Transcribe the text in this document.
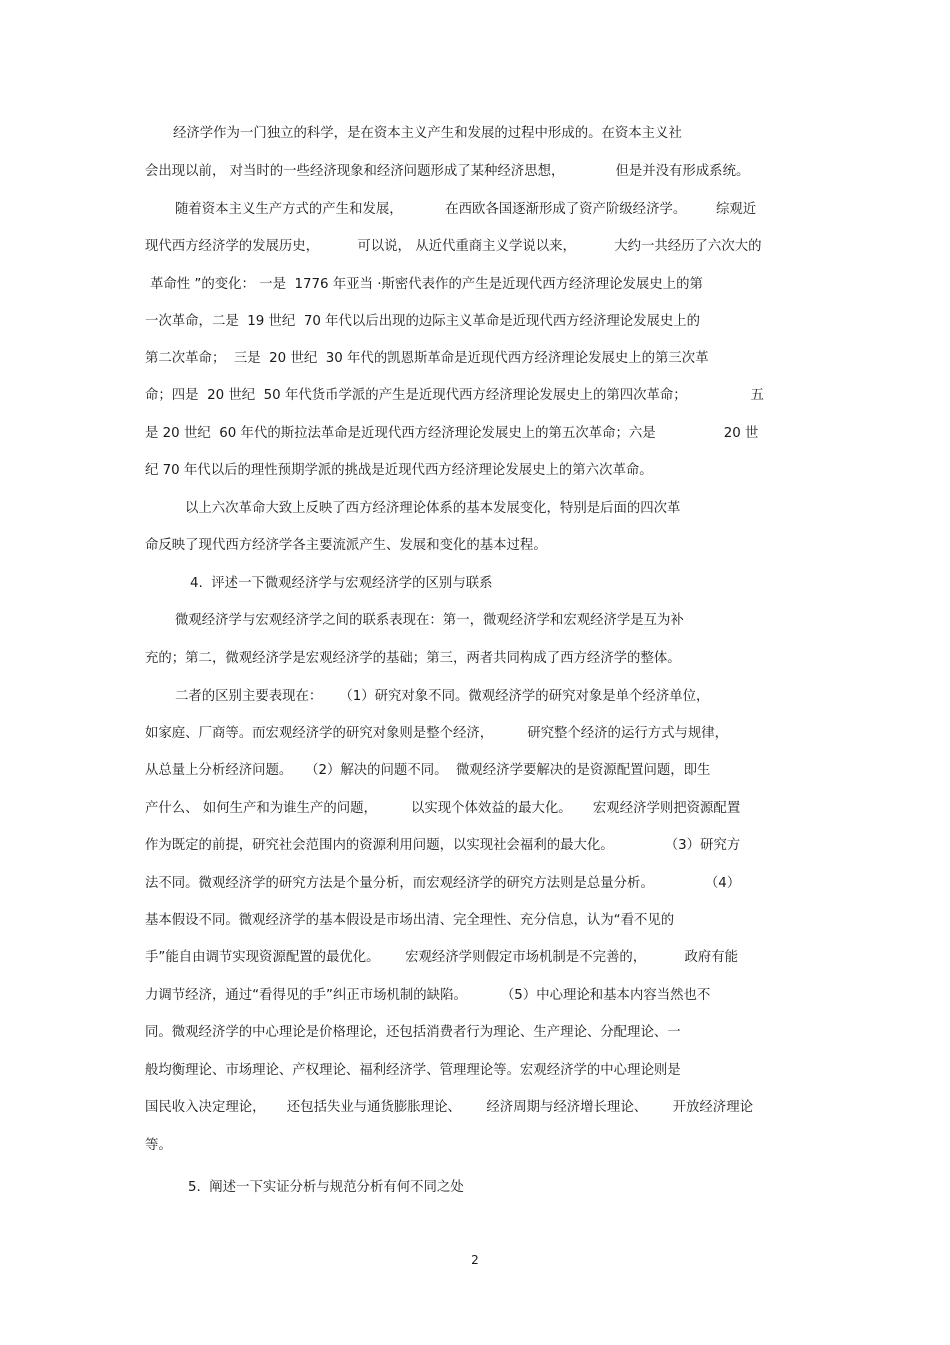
经济学作为一门独立的科学，是在资本主义产生和发展的过程中形成的。在资本主义社

会出现以前， 对当时的一些经济现象和经济问题形成了某种经济思想，            但是并没有形成系统。

随着资本主义生产方式的产生和发展，          在西欧各国逐渐形成了资产阶级经济学。       综观近

现代西方经济学的发展历史，         可以说， 从近代重商主义学说以来，         大约一共经历了六次大的

革命性 ”的变化： 一是  1776 年亚当 ·斯密代表作的产生是近现代西方经济理论发展史上的第

一次革命，二是  19 世纪  70 年代以后出现的边际主义革命是近现代西方经济理论发展史上的

第二次革命；  三是  20 世纪  30 年代的凯恩斯革命是近现代西方经济理论发展史上的第三次革

命；四是  20 世纪  50 年代货币学派的产生是近现代西方经济理论发展史上的第四次革命；               五

是 20 世纪  60 年代的斯拉法革命是近现代西方经济理论发展史上的第五次革命；六是                20 世

纪 70 年代以后的理性预期学派的挑战是近现代西方经济理论发展史上的第六次革命。

以上六次革命大致上反映了西方经济理论体系的基本发展变化，特别是后面的四次革

命反映了现代西方经济学各主要流派产生、发展和变化的基本过程。

4.  评述一下微观经济学与宏观经济学的区别与联系

微观经济学与宏观经济学之间的联系表现在：第一，微观经济学和宏观经济学是互为补

充的；第二，微观经济学是宏观经济学的基础；第三，两者共同构成了西方经济学的整体。

二者的区别主要表现在：    （1）研究对象不同。微观经济学的研究对象是单个经济单位，

如家庭、厂商等。而宏观经济学的研究对象则是整个经济，        研究整个经济的运行方式与规律，

从总量上分析经济问题。   （2）解决的问题不同。  微观经济学要解决的是资源配置问题，即生

产什么、 如何生产和为谁生产的问题，        以实现个体效益的最大化。     宏观经济学则把资源配置

作为既定的前提，研究社会范围内的资源利用问题，以实现社会福利的最大化。            （3）研究方

法不同。微观经济学的研究方法是个量分析，而宏观经济学的研究方法则是总量分析。            （4）

基本假设不同。微观经济学的基本假设是市场出清、完全理性、充分信息，认为“看不见的

手”能自由调节实现资源配置的最优化。      宏观经济学则假定市场机制是不完善的，         政府有能

力调节经济，通过“看得见的手”纠正市场机制的缺陷。        （5）中心理论和基本内容当然也不

同。微观经济学的中心理论是价格理论，还包括消费者行为理论、生产理论、分配理论、一

般均衡理论、市场理论、产权理论、福利经济学、管理理论等。宏观经济学的中心理论则是

国民收入决定理论，     还包括失业与通货膨胀理论、      经济周期与经济增长理论、      开放经济理论

等。

5.  阐述一下实证分析与规范分析有何不同之处

2
